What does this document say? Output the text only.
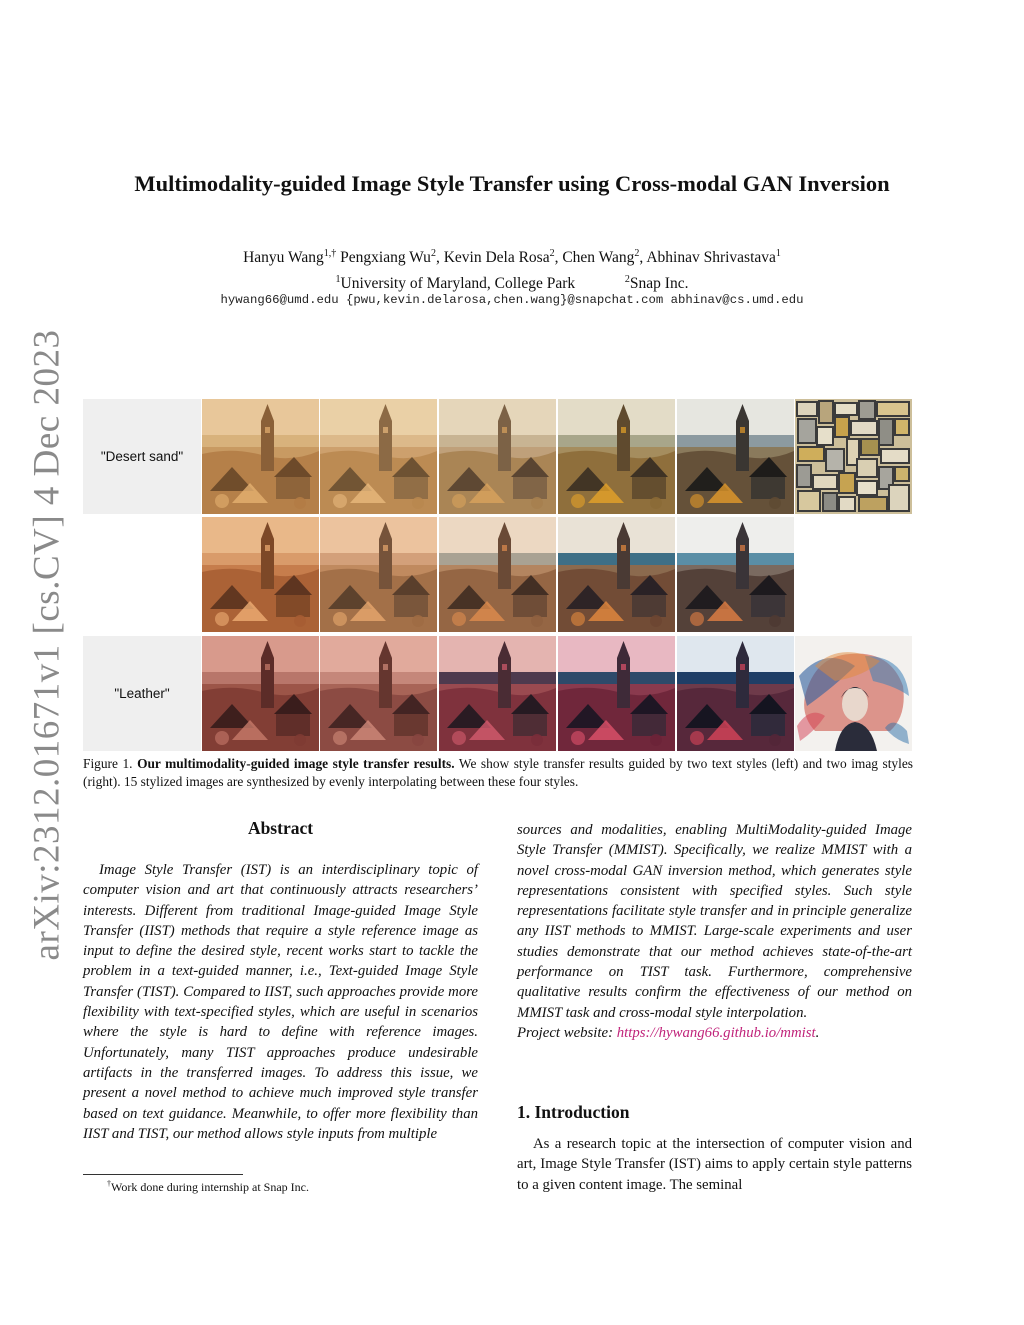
arXiv:2312.01671v1 [cs.CV] 4 Dec 2023
Multimodality-guided Image Style Transfer using Cross-modal GAN Inversion
Hanyu Wang$^{1,\dagger}$ Pengxiang Wu$^2$, Kevin Dela Rosa$^2$, Chen Wang$^2$, Abhinav Shrivastava$^1$
$^1$University of Maryland, College Park	$^2$Snap Inc.
hywang66@umd.edu {pwu,kevin.delarosa,chen.wang}@snapchat.com abhinav@cs.umd.edu
"Desert sand"
"Leather"
Figure 1. Our multimodality-guided image style transfer results. We show style transfer results guided by two text styles (left) and two imag styles (right). 15 stylized images are synthesized by evenly interpolating between these four styles.
Abstract

Image Style Transfer (IST) is an interdisciplinary topic of computer vision and art that continuously attracts researchers’ interests. Different from traditional Image-guided Image Style Transfer (IIST) methods that require a style reference image as input to define the desired style, recent works start to tackle the problem in a text-guided manner, i.e., Text-guided Image Style Transfer (TIST). Compared to IIST, such approaches provide more flexibility with text-specified styles, which are useful in scenarios where the style is hard to define with reference images. Unfortunately, many TIST approaches produce undesirable artifacts in the transferred images. To address this issue, we present a novel method to achieve much improved style transfer based on text guidance. Meanwhile, to offer more flexibility than IIST and TIST, our method allows style inputs from multiple

sources and modalities, enabling MultiModality-guided Image Style Transfer (MMIST). Specifically, we realize MMIST with a novel cross-modal GAN inversion method, which generates style representations consistent with specified styles. Such style representations facilitate style transfer and in principle generalize any IIST methods to MMIST. Large-scale experiments and user studies demonstrate that our method achieves state-of-the-art performance on TIST task. Furthermore, comprehensive qualitative results confirm the effectiveness of our method on MMIST task and cross-modal style interpolation.

Project website: https://hywang66.github.io/mmist.

1. Introduction

As a research topic at the intersection of computer vision and art, Image Style Transfer (IST) aims to apply certain style patterns to a given content image. The seminal

†Work done during internship at Snap Inc.
